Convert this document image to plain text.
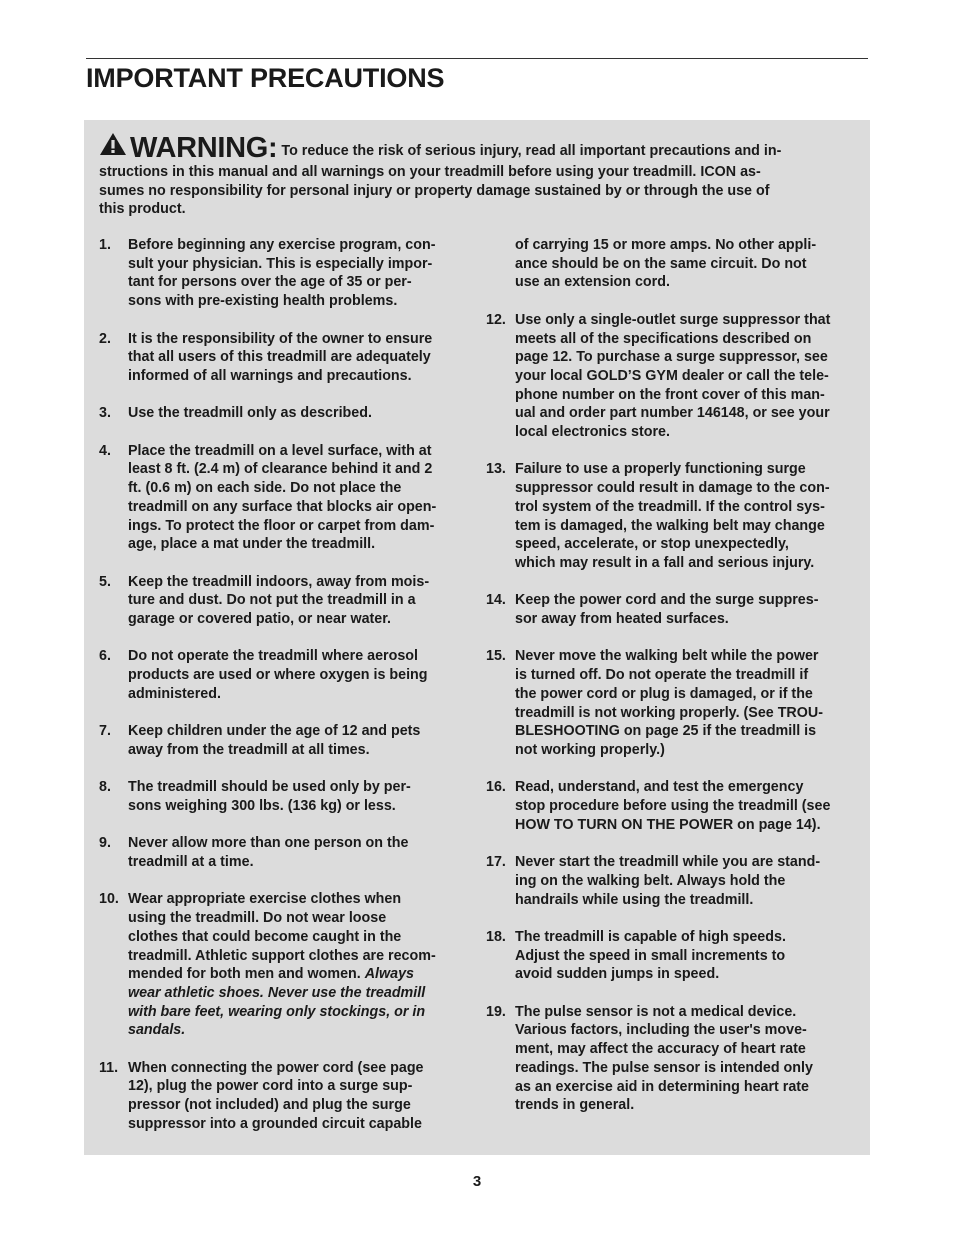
IMPORTANT PRECAUTIONS
WARNING: To reduce the risk of serious injury, read all important precautions and in-
structions in this manual and all warnings on your treadmill before using your treadmill. ICON as-
sumes no responsibility for personal injury or property damage sustained by or through the use of
this product.
1. Before beginning any exercise program, con-
sult your physician. This is especially impor-
tant for persons over the age of 35 or per-
sons with pre-existing health problems.
2. It is the responsibility of the owner to ensure
that all users of this treadmill are adequately
informed of all warnings and precautions.
3. Use the treadmill only as described.
4. Place the treadmill on a level surface, with at
least 8 ft. (2.4 m) of clearance behind it and 2
ft. (0.6 m) on each side. Do not place the
treadmill on any surface that blocks air open-
ings. To protect the floor or carpet from dam-
age, place a mat under the treadmill.
5. Keep the treadmill indoors, away from mois-
ture and dust. Do not put the treadmill in a
garage or covered patio, or near water.
6. Do not operate the treadmill where aerosol
products are used or where oxygen is being
administered.
7. Keep children under the age of 12 and pets
away from the treadmill at all times.
8. The treadmill should be used only by per-
sons weighing 300 lbs. (136 kg) or less.
9. Never allow more than one person on the
treadmill at a time.
10. Wear appropriate exercise clothes when
using the treadmill. Do not wear loose
clothes that could become caught in the
treadmill. Athletic support clothes are recom-
mended for both men and women. Always
wear athletic shoes. Never use the treadmill
with bare feet, wearing only stockings, or in
sandals.
11. When connecting the power cord (see page
12), plug the power cord into a surge sup-
pressor (not included) and plug the surge
suppressor into a grounded circuit capable
of carrying 15 or more amps. No other appli-
ance should be on the same circuit. Do not
use an extension cord.
12. Use only a single-outlet surge suppressor that
meets all of the specifications described on
page 12. To purchase a surge suppressor, see
your local GOLD’S GYM dealer or call the tele-
phone number on the front cover of this man-
ual and order part number 146148, or see your
local electronics store.
13. Failure to use a properly functioning surge
suppressor could result in damage to the con-
trol system of the treadmill. If the control sys-
tem is damaged, the walking belt may change
speed, accelerate, or stop unexpectedly,
which may result in a fall and serious injury.
14. Keep the power cord and the surge suppres-
sor away from heated surfaces.
15. Never move the walking belt while the power
is turned off. Do not operate the treadmill if
the power cord or plug is damaged, or if the
treadmill is not working properly. (See TROU-
BLESHOOTING on page 25 if the treadmill is
not working properly.)
16. Read, understand, and test the emergency
stop procedure before using the treadmill (see
HOW TO TURN ON THE POWER on page 14).
17. Never start the treadmill while you are stand-
ing on the walking belt. Always hold the
handrails while using the treadmill.
18. The treadmill is capable of high speeds.
Adjust the speed in small increments to
avoid sudden jumps in speed.
19. The pulse sensor is not a medical device.
Various factors, including the user's move-
ment, may affect the accuracy of heart rate
readings. The pulse sensor is intended only
as an exercise aid in determining heart rate
trends in general.
3
